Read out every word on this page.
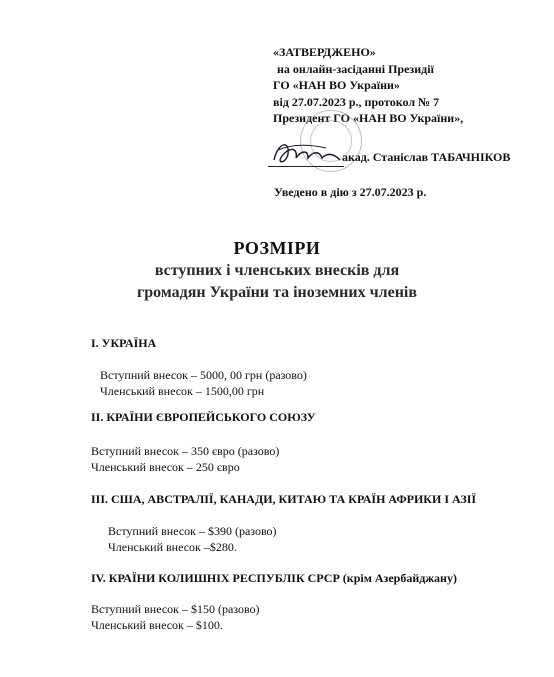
«ЗАТВЕРДЖЕНО»
на онлайн-засіданні Президії
ГО «НАН ВО України»
від 27.07.2023 р., протокол № 7
Президент ГО «НАН ВО України»,
акад. Станіслав ТАБАЧНІКОВ
Уведено в дію з 27.07.2023 р.
РОЗМІРИ
вступних і членських внесків для
громадян України та іноземних членів
І. УКРАЇНА
Вступний внесок – 5000, 00 грн (разово)
Членський внесок – 1500,00 грн
ІІ. КРАЇНИ ЄВРОПЕЙСЬКОГО СОЮЗУ
Вступний внесок – 350 євро (разово)
Членський внесок – 250 євро
ІІІ. США, АВСТРАЛІЇ, КАНАДИ, КИТАЮ ТА КРАЇН АФРИКИ І АЗІЇ
Вступний внесок – $390 (разово)
Членський внесок –$280.
IV. КРАЇНИ КОЛИШНІХ РЕСПУБЛІК СРСР (крім Азербайджану)
Вступний внесок – $150 (разово)
Членський внесок – $100.
